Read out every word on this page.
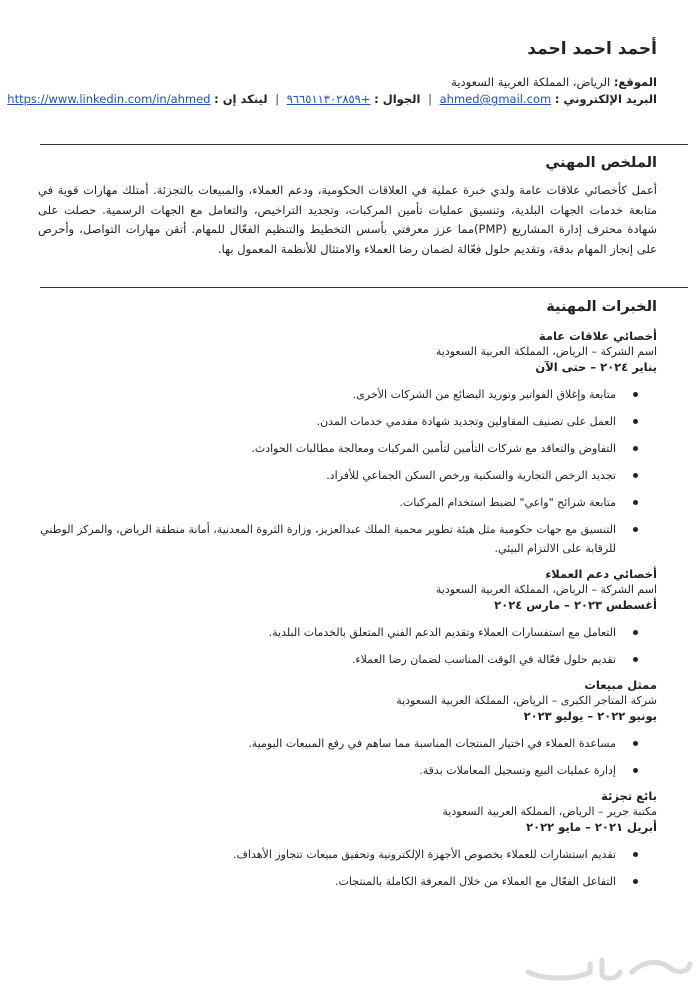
أحمد احمد احمد
الموقع: الرياض، المملكة العربية السعودية
البريد الإلكتروني : ahmed@gmail.com | الجوال : +٩٦٦٥١١٣٠٢٨٥٩ | لينكد إن : https://www.linkedin.com/in/ahmed
الملخص المهني
أعمل كأخصائي علاقات عامة ولدي خبرة عملية في العلاقات الحكومية، ودعم العملاء، والمبيعات بالتجزئة. أمتلك مهارات قوية في متابعة خدمات الجهات البلدية، وتنسيق عمليات تأمين المركبات، وتجديد التراخيص، والتعامل مع الجهات الرسمية. حصلت على شهادة محترف إدارة المشاريع (PMP)مما عزز معرفتي بأسس التخطيط والتنظيم الفعّال للمهام. أتقن مهارات التواصل، وأحرص على إنجاز المهام بدقة، وتقديم حلول فعّالة لضمان رضا العملاء والامتثال للأنظمة المعمول بها.
الخبرات المهنية
أخصائي علاقات عامة
اسم الشركة – الرياض، المملكة العربية السعودية
يناير ٢٠٢٤ – حتى الآن
متابعة وإغلاق الفواتير وتوريد البضائع من الشركات الأخرى.
العمل على تصنيف المقاولين وتجديد شهادة مقدمي خدمات المدن.
التفاوض والتعاقد مع شركات التأمين لتأمين المركبات ومعالجة مطالبات الحوادث.
تجديد الرخص التجارية والسكنية ورخص السكن الجماعي للأفراد.
متابعة شرائح "واعي" لضبط استخدام المركبات.
التنسيق مع جهات حكومية مثل هيئة تطوير محمية الملك عبدالعزيز، وزارة الثروة المعدنية، أمانة منطقة الرياض، والمركز الوطني للرقابة على الالتزام البيئي.
أخصائي دعم العملاء
اسم الشركة – الرياض، المملكة العربية السعودية
أغسطس ٢٠٢٣ – مارس ٢٠٢٤
التعامل مع استفسارات العملاء وتقديم الدعم الفني المتعلق بالخدمات البلدية.
تقديم حلول فعّالة في الوقت المناسب لضمان رضا العملاء.
ممثل مبيعات
شركة المتاجر الكبرى – الرياض، المملكة العربية السعودية
يونيو ٢٠٢٢ – يوليو ٢٠٢٣
مساعدة العملاء في اختيار المنتجات المناسبة مما ساهم في رفع المبيعات اليومية.
إدارة عمليات البيع وتسجيل المعاملات بدقة.
بائع تجزئة
مكتبة جرير – الرياض، المملكة العربية السعودية
أبريل ٢٠٢١ – مايو ٢٠٢٢
تقديم استشارات للعملاء بخصوص الأجهزة الإلكترونية وتحقيق مبيعات تتجاوز الأهداف.
التفاعل الفعّال مع العملاء من خلال المعرفة الكاملة بالمنتجات.
